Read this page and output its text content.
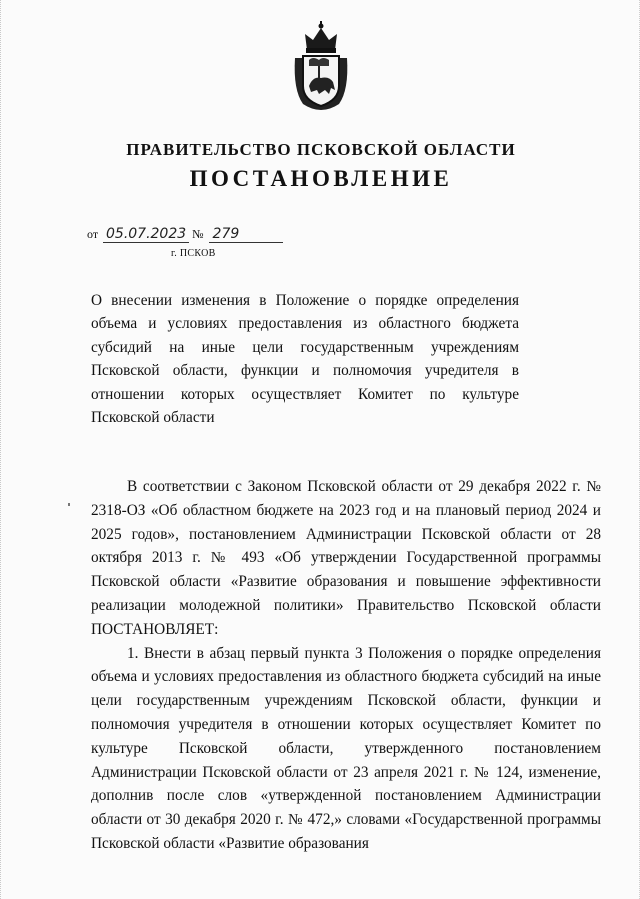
ПРАВИТЕЛЬСТВО ПСКОВСКОЙ ОБЛАСТИ
ПОСТАНОВЛЕНИЕ
от 05.07.2023 № 279
г. ПСКОВ
О внесении изменения в Положение о порядке определения объема и условиях предоставления из областного бюджета субсидий на иные цели государственным учреждениям Псковской области, функции и полномочия учредителя в отношении которых осуществляет Комитет по культуре Псковской области

В соответствии с Законом Псковской области от 29 декабря 2022 г. № 2318-ОЗ «Об областном бюджете на 2023 год и на плановый период 2024 и 2025 годов», постановлением Администрации Псковской области от 28 октября 2013 г. № 493 «Об утверждении Государственной программы Псковской области «Развитие образования и повышение эффективности реализации молодежной политики» Правительство Псковской области ПОСТАНОВЛЯЕТ:

1. Внести в абзац первый пункта 3 Положения о порядке определения объема и условиях предоставления из областного бюджета субсидий на иные цели государственным учреждениям Псковской области, функции и полномочия учредителя в отношении которых осуществляет Комитет по культуре Псковской области, утвержденного постановлением Администрации Псковской области от 23 апреля 2021 г. № 124, изменение, дополнив после слов «утвержденной постановлением Администрации области от 30 декабря 2020 г. № 472,» словами «Государственной программы Псковской области «Развитие образования
